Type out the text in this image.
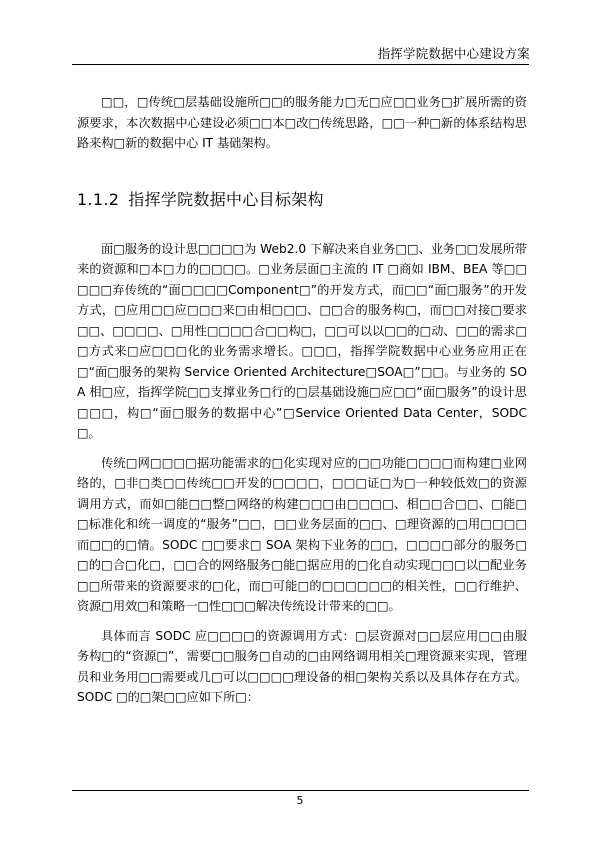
指挥学院数据中心建设方案

□□，□传统□层基础设施所□□的服务能力□无□应□□业务□扩展所需的资源要求，本次数据中心建设必须□□本□改□传统思路，□□一种□新的体系结构思路来构□新的数据中心 IT 基础架构。

1.1.2 指挥学院数据中心目标架构

面□服务的设计思□□□□为 Web2.0 下解决来自业务□□、业务□□发展所带来的资源和□本□力的□□□□。□业务层面□主流的 IT □商如 IBM、BEA 等□□□□□弃传统的“面□□□□Component□”的开发方式，而□□“面□服务”的开发方式，□应用□□应□□□来□由相□□□、□□合的服务构□，而□□对接□要求□□、□□□□、□用性□□□□合□□构□，□□可以以□□的□动、□□的需求□□方式来□应□□□化的业务需求增长。□□□，指挥学院数据中心业务应用正在□“面□服务的架构 Service Oriented Architecture□SOA□”□□。与业务的 SOA 相□应，指挥学院□□支撑业务□行的□层基础设施□应□□“面□服务”的设计思□□□，构□“面□服务的数据中心”□Service Oriented Data Center，SODC□。

传统□网□□□□据功能需求的□化实现对应的□□功能□□□□而构建□业网络的，□非□类□□传统□□开发的□□□□，□□□证□为□一种较低效□的资源调用方式，而如□能□□整□网络的构建□□□由□□□□、相□□合□□、□能□□标准化和统一调度的“服务”□□，□□业务层面的□□、□理资源的□用□□□□而□□的□情。SODC □□要求□ SOA 架构下业务的□□，□□□□部分的服务□□的□合□化□，□□合的网络服务□能□据应用的□化自动实现□□□以□配业务□□所带来的资源要求的□化，而□可能□的□□□□□□的相关性，□□行维护、资源□用效□和策略一□性□□□解决传统设计带来的□□。

具体而言 SODC 应□□□□的资源调用方式：□层资源对□□层应用□□由服务构□的“资源□”，需要□□服务□自动的□由网络调用相关□理资源来实现，管理员和业务用□□需要或几□可以□□□□理设备的相□架构关系以及具体存在方式。SODC □的□架□□应如下所□：

5
